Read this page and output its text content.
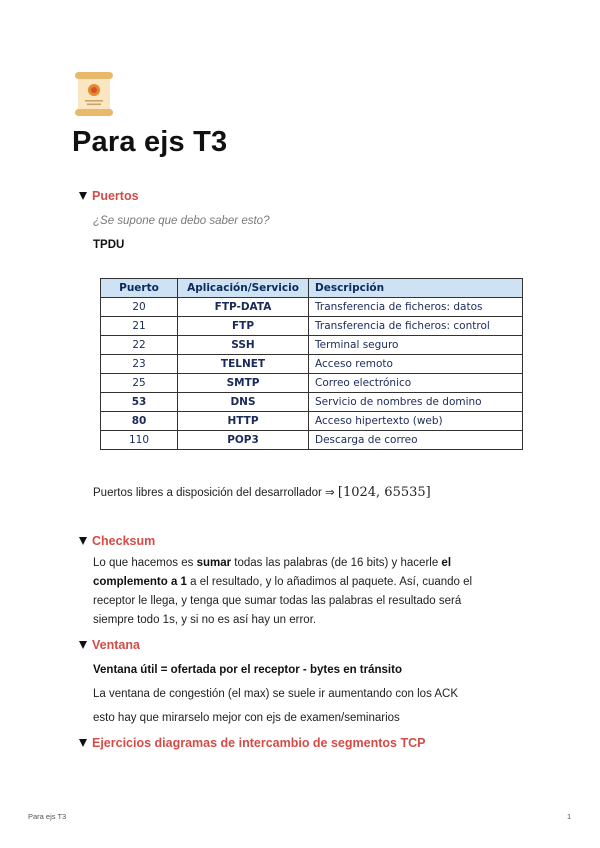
Para ejs T3
Puertos
¿Se supone que debo saber esto?
TPDU
Puerto	Aplicación/Servicio	Descripción
20	FTP-DATA	Transferencia de ficheros: datos
21	FTP	Transferencia de ficheros: control
22	SSH	Terminal seguro
23	TELNET	Acceso remoto
25	SMTP	Correo electrónico
53	DNS	Servicio de nombres de domino
80	HTTP	Acceso hipertexto (web)
110	POP3	Descarga de correo
Puertos libres a disposición del desarrollador ⇒ [1024, 65535]
Checksum
Lo que hacemos es sumar todas las palabras (de 16 bits) y hacerle el
complemento a 1 a el resultado, y lo añadimos al paquete. Así, cuando el
receptor le llega, y tenga que sumar todas las palabras el resultado será
siempre todo 1s, y si no es así hay un error.
Ventana
Ventana útil = ofertada por el receptor - bytes en tránsito
La ventana de congestión (el max) se suele ir aumentando con los ACK
esto hay que mirarselo mejor con ejs de examen/seminarios
Ejercicios diagramas de intercambio de segmentos TCP
Para ejs T3	1
